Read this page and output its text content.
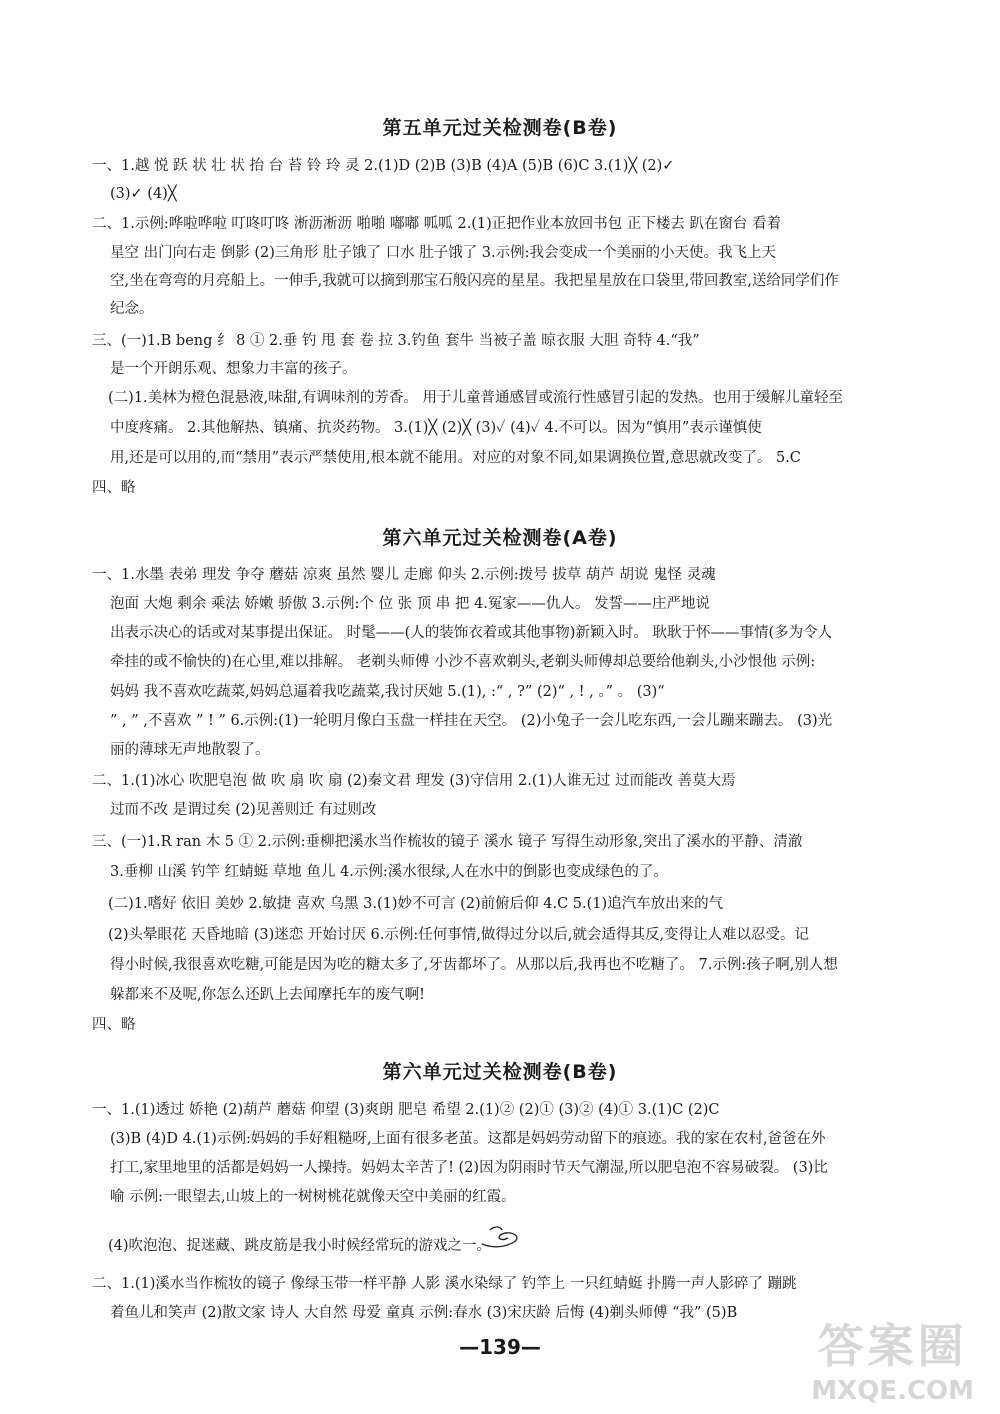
第五单元过关检测卷(B卷)
一、1.越 悦 跃 状 壮 状 抬 台 苔 铃 玲 灵 2.(1)D (2)B (3)B (4)A (5)B (6)C 3.(1)╳ (2)✓
(3)✓ (4)╳
二、1.示例:哗啦哗啦 叮咚叮咚 淅沥淅沥 啪啪 嘟嘟 呱呱 2.(1)正把作业本放回书包 正下楼去 趴在窗台 看着
星空 出门向右走 倒影 (2)三角形 肚子饿了 口水 肚子饿了 3.示例:我会变成一个美丽的小天使。我飞上天
空,坐在弯弯的月亮船上。一伸手,我就可以摘到那宝石般闪亮的星星。我把星星放在口袋里,带回教室,送给同学们作
纪念。
三、(一)1.B beng 纟 8 ① 2.垂 钓 甩 套 卷 拉 3.钓鱼 套牛 当被子盖 晾衣服 大胆 奇特 4.“我”
是一个开朗乐观、想象力丰富的孩子。
(二)1.美林为橙色混悬液,味甜,有调味剂的芳香。 用于儿童普通感冒或流行性感冒引起的发热。也用于缓解儿童轻至
中度疼痛。 2.其他解热、镇痛、抗炎药物。 3.(1)╳ (2)╳ (3)✓ (4)✓ 4.不可以。因为“慎用”表示谨慎使
用,还是可以用的,而“禁用”表示严禁使用,根本就不能用。对应的对象不同,如果调换位置,意思就改变了。 5.C
四、略
第六单元过关检测卷(A卷)
一、1.水墨 表弟 理发 争夺 蘑菇 凉爽 虽然 婴儿 走廊 仰头 2.示例:拨号 拔草 葫芦 胡说 鬼怪 灵魂
泡面 大炮 剩余 乘法 娇嫩 骄傲 3.示例:个 位 张 顶 串 把 4.冤家——仇人。 发誓——庄严地说
出表示决心的话或对某事提出保证。 时髦——(人的装饰衣着或其他事物)新颖入时。 耿耿于怀——事情(多为令人
牵挂的或不愉快的)在心里,难以排解。 老剃头师傅 小沙不喜欢剃头,老剃头师傅却总要给他剃头,小沙恨他 示例:
妈妈 我不喜欢吃蔬菜,妈妈总逼着我吃蔬菜,我讨厌她 5.(1), :“ , ?” (2)“ , ! , 。” 。 (3)“
” , ” ,不喜欢 ” ! ” 6.示例:(1)一轮明月像白玉盘一样挂在天空。 (2)小兔子一会儿吃东西,一会儿蹦来蹦去。 (3)光
丽的薄球无声地散裂了。
二、1.(1)冰心 吹肥皂泡 做 吹 扇 吹 扇 (2)秦文君 理发 (3)守信用 2.(1)人谁无过 过而能改 善莫大焉
过而不改 是谓过矣 (2)见善则迁 有过则改
三、(一)1.R ran 木 5 ① 2.示例:垂柳把溪水当作梳妆的镜子 溪水 镜子 写得生动形象,突出了溪水的平静、清澈
3.垂柳 山溪 钓竿 红蜻蜓 草地 鱼儿 4.示例:溪水很绿,人在水中的倒影也变成绿色的了。
(二)1.嗜好 依旧 美妙 2.敏捷 喜欢 乌黑 3.(1)妙不可言 (2)前俯后仰 4.C 5.(1)追汽车放出来的气
(2)头晕眼花 天昏地暗 (3)迷恋 开始讨厌 6.示例:任何事情,做得过分以后,就会适得其反,变得让人难以忍受。记
得小时候,我很喜欢吃糖,可能是因为吃的糖太多了,牙齿都坏了。从那以后,我再也不吃糖了。 7.示例:孩子啊,别人想
躲都来不及呢,你怎么还趴上去闻摩托车的废气啊!
四、略
第六单元过关检测卷(B卷)
一、1.(1)透过 娇艳 (2)葫芦 蘑菇 仰望 (3)爽朗 肥皂 希望 2.(1)② (2)① (3)② (4)① 3.(1)C (2)C
(3)B (4)D 4.(1)示例:妈妈的手好粗糙呀,上面有很多老茧。这都是妈妈劳动留下的痕迹。我的家在农村,爸爸在外
打工,家里地里的活都是妈妈一人操持。妈妈太辛苦了! (2)因为阴雨时节天气潮湿,所以肥皂泡不容易破裂。 (3)比
喻 示例:一眼望去,山坡上的一树树桃花就像天空中美丽的红霞。
(4)吹泡泡、捉迷藏、跳皮筋是我小时候经常玩的游戏之一。
二、1.(1)溪水当作梳妆的镜子 像绿玉带一样平静 人影 溪水染绿了 钓竿上 一只红蜻蜓 扑腾一声人影碎了 蹦跳
着鱼儿和笑声 (2)散文家 诗人 大自然 母爱 童真 示例:春水 (3)宋庆龄 后悔 (4)剃头师傅 “我” (5)B
—139—	答案圈
MXQE.COM
